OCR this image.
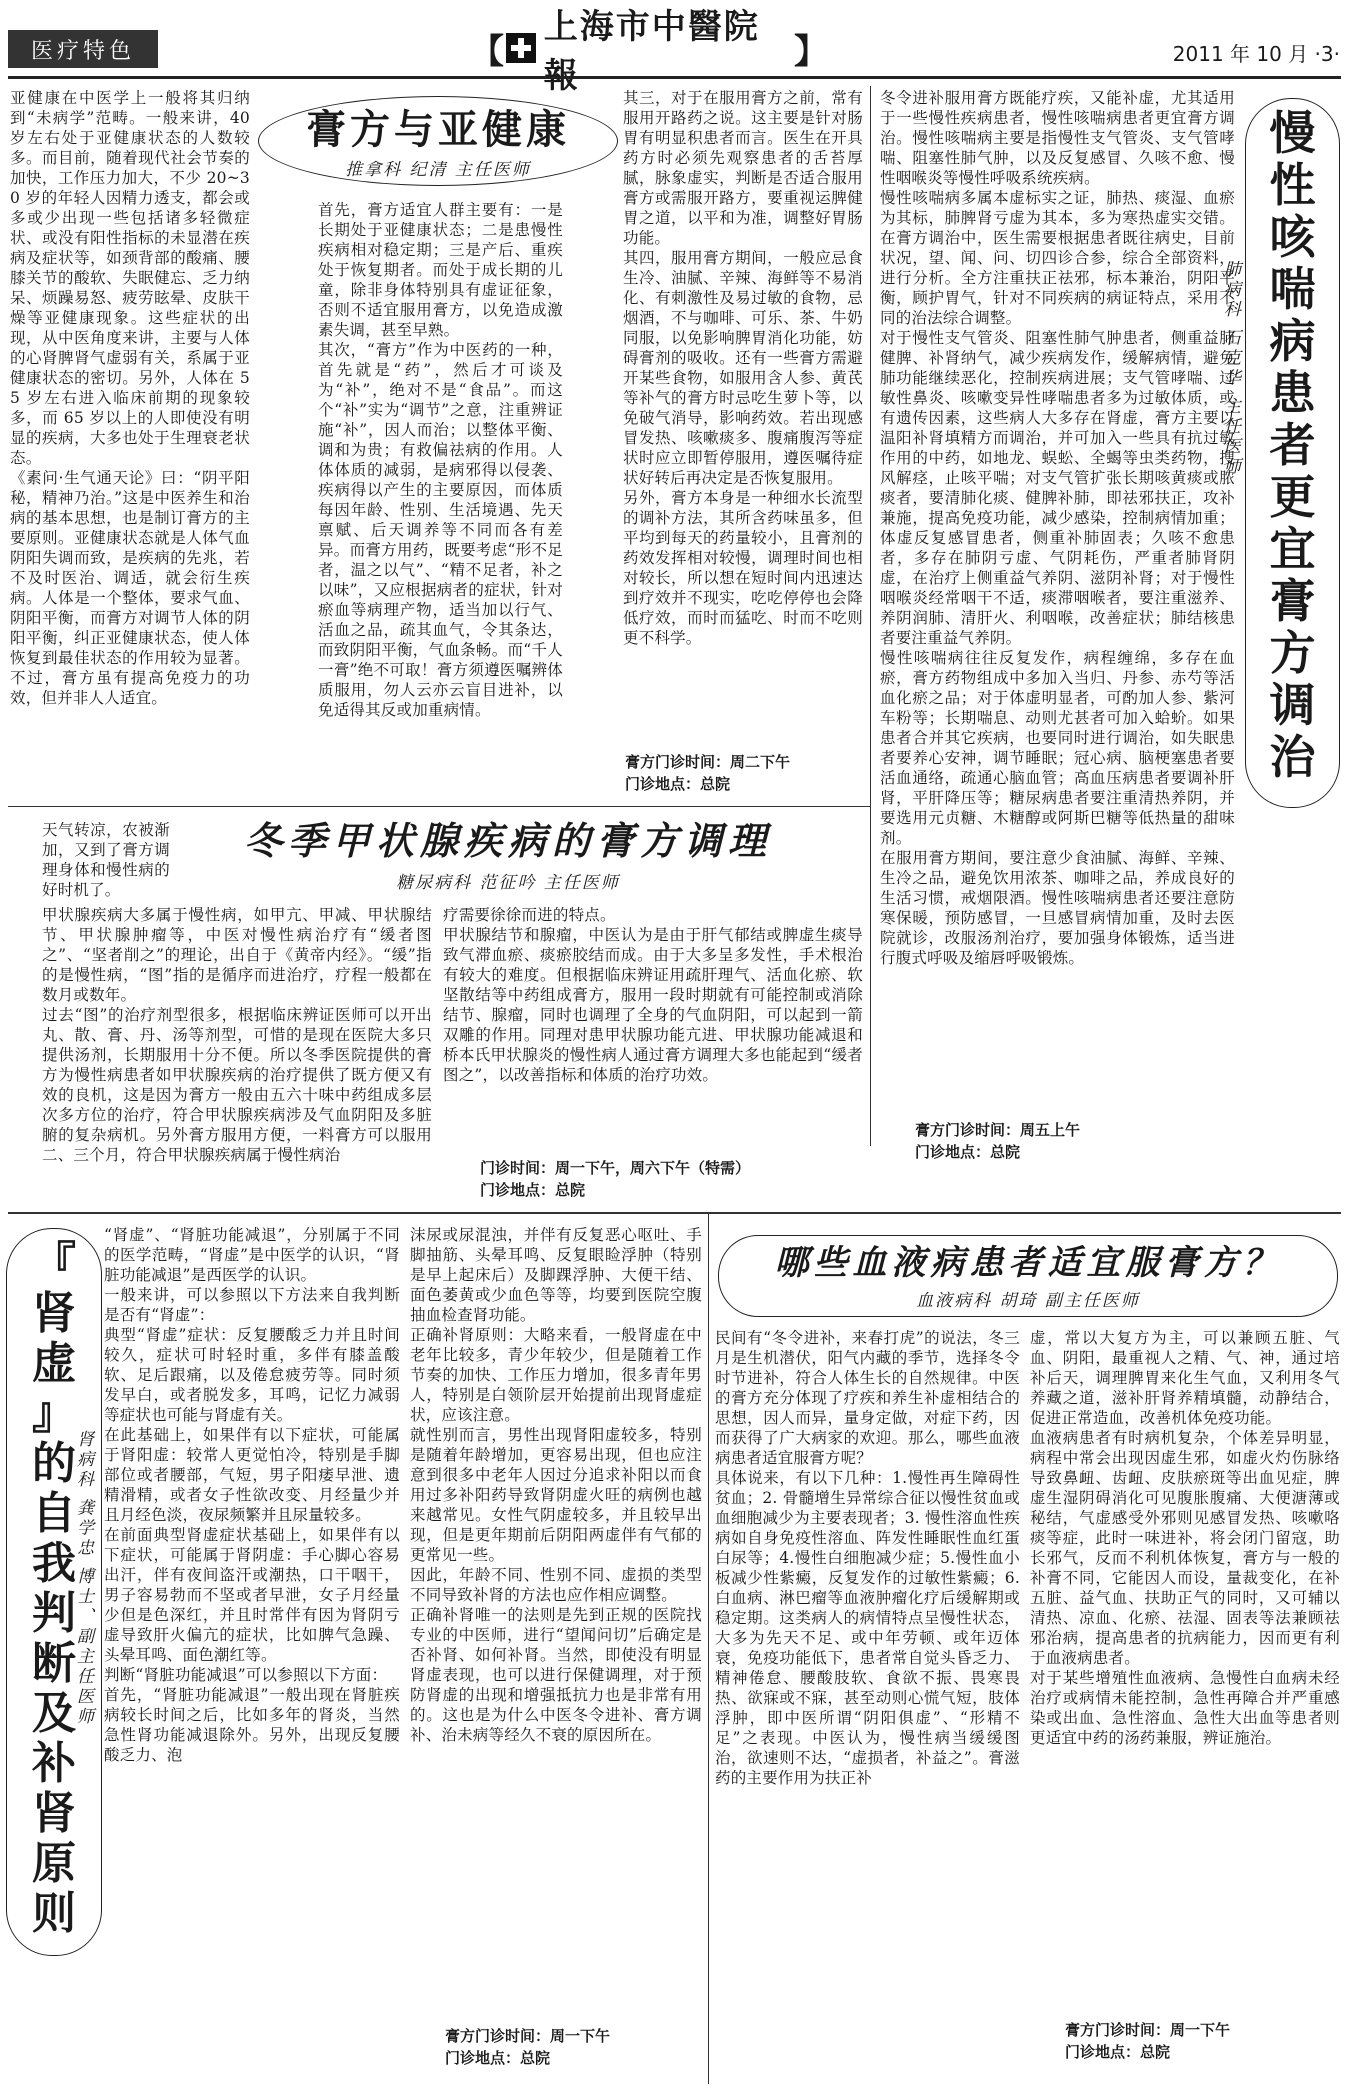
医疗特色	【
上海市中醫院報
】	2011 年 10 月 ·3·
膏方与亚健康
推拿科 纪清 主任医师
亚健康在中医学上一般将其归纳到“未病学”范畴。一般来讲，40 岁左右处于亚健康状态的人数较多。而目前，随着现代社会节奏的加快，工作压力加大，不少 20~30 岁的年轻人因精力透支，都会或多或少出现一些包括诸多轻微症状、或没有阳性指标的未显潜在疾病及症状等，如颈背部的酸痛、腰膝关节的酸软、失眠健忘、乏力纳呆、烦躁易怒、疲劳眩晕、皮肤干燥等亚健康现象。这些症状的出现，从中医角度来讲，主要与人体的心肾脾肾气虚弱有关，系属于亚健康状态的密切。另外，人体在 55 岁左右进入临床前期的现象较多，而 65 岁以上的人即使没有明显的疾病，大多也处于生理衰老状态。
《素问·生气通天论》曰：“阴平阳秘，精神乃治。”这是中医养生和治病的基本思想，也是制订膏方的主要原则。亚健康状态就是人体气血阴阳失调而致，是疾病的先兆，若不及时医治、调适，就会衍生疾病。人体是一个整体，要求气血、阴阳平衡，而膏方对调节人体的阴阳平衡，纠正亚健康状态，使人体恢复到最佳状态的作用较为显著。不过，膏方虽有提高免疫力的功效，但并非人人适宜。
首先，膏方适宜人群主要有：一是长期处于亚健康状态；二是患慢性疾病相对稳定期；三是产后、重疾处于恢复期者。而处于成长期的儿童，除非身体特别具有虚证征象，否则不适宜服用膏方，以免造成激素失调，甚至早熟。
其次，“膏方”作为中医药的一种，首先就是“药”，然后才可谈及为“补”，绝对不是“食品”。而这个“补”实为“调节”之意，注重辨证施“补”，因人而治；以整体平衡、调和为贵；有救偏祛病的作用。人体体质的减弱，是病邪得以侵袭、疾病得以产生的主要原因，而体质每因年龄、性别、生活境遇、先天禀赋、后天调养等不同而各有差异。而膏方用药，既要考虑“形不足者，温之以气”、“精不足者，补之以味”，又应根据病者的症状，针对瘀血等病理产物，适当加以行气、活血之品，疏其血气，令其条达，而致阴阳平衡，气血条畅。而“千人一膏”绝不可取！膏方须遵医嘱辨体质服用，勿人云亦云盲目进补，以免适得其反或加重病情。
其三，对于在服用膏方之前，常有服用开路药之说。这主要是针对肠胃有明显积患者而言。医生在开具药方时必须先观察患者的舌苔厚腻，脉象虚实，判断是否适合服用膏方或需服开路方，要重视运脾健胃之道，以平和为准，调整好胃肠功能。
其四，服用膏方期间，一般应忌食生冷、油腻、辛辣、海鲜等不易消化、有刺激性及易过敏的食物，忌烟酒，不与咖啡、可乐、茶、牛奶同服，以免影响脾胃消化功能，妨碍膏剂的吸收。还有一些膏方需避开某些食物，如服用含人参、黄芪等补气的膏方时忌吃生萝卜等，以免破气消导，影响药效。若出现感冒发热、咳嗽痰多、腹痛腹泻等症状时应立即暂停服用，遵医嘱待症状好转后再决定是否恢复服用。
另外，膏方本身是一种细水长流型的调补方法，其所含药味虽多，但平均到每天的药量较小，且膏剂的药效发挥相对较慢，调理时间也相对较长，所以想在短时间内迅速达到疗效并不现实，吃吃停停也会降低疗效，而时而猛吃、时而不吃则更不科学。
膏方门诊时间：周二下午
门诊地点：总院
冬令进补服用膏方既能疗疾，又能补虚，尤其适用于一些慢性疾病患者，慢性咳喘病患者更宜膏方调治。慢性咳喘病主要是指慢性支气管炎、支气管哮喘、阻塞性肺气肿，以及反复感冒、久咳不愈、慢性咽喉炎等慢性呼吸系统疾病。
慢性咳喘病多属本虚标实之证，肺热、痰湿、血瘀为其标，肺脾肾亏虚为其本，多为寒热虚实交错。在膏方调治中，医生需要根据患者既往病史，目前状况，望、闻、问、切四诊合参，综合全部资料，进行分析。全方注重扶正祛邪，标本兼治，阴阳平衡，顾护胃气，针对不同疾病的病证特点，采用不同的治法综合调整。
对于慢性支气管炎、阻塞性肺气肿患者，侧重益肺健脾、补肾纳气，减少疾病发作，缓解病情，避免肺功能继续恶化，控制疾病进展；支气管哮喘、过敏性鼻炎、咳嗽变异性哮喘患者多为过敏体质，或有遗传因素，这些病人大多存在肾虚，膏方主要以温阳补肾填精方而调治，并可加入一些具有抗过敏作用的中药，如地龙、蜈蚣、全蝎等虫类药物，搜风解痉，止咳平喘；对支气管扩张长期咳黄痰或脓痰者，要清肺化痰、健脾补肺，即祛邪扶正，攻补兼施，提高免疫功能，减少感染，控制病情加重；体虚反复感冒患者，侧重补肺固表；久咳不愈患者，多存在肺阴亏虚、气阴耗伤，严重者肺肾阴虚，在治疗上侧重益气养阴、滋阴补肾；对于慢性咽喉炎经常咽干不适，痰滞咽喉者，要注重滋养、养阴润肺、清肝火、利咽喉，改善症状；肺结核患者要注重益气养阴。
慢性咳喘病往往反复发作，病程缠绵，多存在血瘀，膏方药物组成中多加入当归、丹参、赤芍等活血化瘀之品；对于体虚明显者，可酌加人参、紫河车粉等；长期喘息、动则尤甚者可加入蛤蚧。如果患者合并其它疾病，也要同时进行调治，如失眠患者要养心安神，调节睡眠；冠心病、脑梗塞患者要活血通络，疏通心脑血管；高血压病患者要调补肝肾，平肝降压等；糖尿病患者要注重清热养阴，并要选用元贞糖、木糖醇或阿斯巴糖等低热量的甜味剂。
在服用膏方期间，要注意少食油腻、海鲜、辛辣、生冷之品，避免饮用浓茶、咖啡之品，养成良好的生活习惯，戒烟限酒。慢性咳喘病患者还要注意防寒保暖，预防感冒，一旦感冒病情加重，及时去医院就诊，改服汤剂治疗，要加强身体锻炼，适当进行腹式呼吸及缩唇呼吸锻炼。
慢
性
咳
喘
病
患
者
更
宜
膏
方
调
治
肺病科 石克华 主任医师
膏方门诊时间：周五上午
门诊地点：总院
天气转凉，农被渐加，又到了膏方调理身体和慢性病的好时机了。
冬季甲状腺疾病的膏方调理
糖尿病科 范征吟 主任医师
甲状腺疾病大多属于慢性病，如甲亢、甲减、甲状腺结节、甲状腺肿瘤等，中医对慢性病治疗有“缓者图之”、“坚者削之”的理论，出自于《黄帝内经》。“缓”指的是慢性病，“图”指的是循序而进治疗，疗程一般都在数月或数年。
过去“图”的治疗剂型很多，根据临床辨证医师可以开出丸、散、膏、丹、汤等剂型，可惜的是现在医院大多只提供汤剂，长期服用十分不便。所以冬季医院提供的膏方为慢性病患者如甲状腺疾病的治疗提供了既方便又有效的良机，这是因为膏方一般由五六十味中药组成多层次多方位的治疗，符合甲状腺疾病涉及气血阴阳及多脏腑的复杂病机。另外膏方服用方便，一料膏方可以服用二、三个月，符合甲状腺疾病属于慢性病治
疗需要徐徐而进的特点。
甲状腺结节和腺瘤，中医认为是由于肝气郁结或脾虚生痰导致气滞血瘀、痰瘀胶结而成。由于大多呈多发性，手术根治有较大的难度。但根据临床辨证用疏肝理气、活血化瘀、软坚散结等中药组成膏方，服用一段时期就有可能控制或消除结节、腺瘤，同时也调理了全身的气血阴阳，可以起到一箭双雕的作用。同理对患甲状腺功能亢进、甲状腺功能减退和桥本氏甲状腺炎的慢性病人通过膏方调理大多也能起到“缓者图之”，以改善指标和体质的治疗功效。
门诊时间：周一下午，周六下午（特需）
门诊地点：总院
『
肾
虚
』
的
自
我
判
断
及
补
肾
原
则
肾病科 龚学忠 博士、副主任医师
“肾虚”、“肾脏功能减退”，分别属于不同的医学范畴，“肾虚”是中医学的认识，“肾脏功能减退”是西医学的认识。
一般来讲，可以参照以下方法来自我判断是否有“肾虚”：
典型“肾虚”症状：反复腰酸乏力并且时间较久，症状可时轻时重，多伴有膝盖酸软、足后跟痛，以及倦怠疲劳等。同时须发早白，或者脱发多，耳鸣，记忆力减弱等症状也可能与肾虚有关。
在此基础上，如果伴有以下症状，可能属于肾阳虚：较常人更觉怕冷，特别是手脚部位或者腰部，气短，男子阳痿早泄、遗精滑精，或者女子性欲改变、月经量少并且月经色淡，夜尿频繁并且尿量较多。
在前面典型肾虚症状基础上，如果伴有以下症状，可能属于肾阴虚：手心脚心容易出汗，伴有夜间盗汗或潮热，口干咽干，男子容易勃而不坚或者早泄，女子月经量少但是色深红，并且时常伴有因为肾阴亏虚导致肝火偏亢的症状，比如脾气急躁、头晕耳鸣、面色潮红等。
判断“肾脏功能减退”可以参照以下方面：
首先，“肾脏功能减退”一般出现在肾脏疾病较长时间之后，比如多年的肾炎，当然急性肾功能减退除外。另外，出现反复腰酸乏力、泡
沫尿或尿混浊，并伴有反复恶心呕吐、手脚抽筋、头晕耳鸣、反复眼睑浮肿（特别是早上起床后）及脚踝浮肿、大便干结、面色萎黄或少血色等等，均要到医院空腹抽血检查肾功能。
正确补肾原则：大略来看，一般肾虚在中老年比较多，青少年较少，但是随着工作节奏的加快、工作压力增加，很多青年男人，特别是白领阶层开始提前出现肾虚症状，应该注意。
就性别而言，男性出现肾阳虚较多，特别是随着年龄增加，更容易出现，但也应注意到很多中老年人因过分追求补阳以而食用过多补阳药导致肾阴虚火旺的病例也越来越常见。女性气阴虚较多，并且较早出现，但是更年期前后阴阳两虚伴有气郁的更常见一些。
因此，年龄不同、性别不同、虚损的类型不同导致补肾的方法也应作相应调整。
正确补肾唯一的法则是先到正规的医院找专业的中医师，进行“望闻问切”后确定是否补肾、如何补肾。当然，即使没有明显肾虚表现，也可以进行保健调理，对于预防肾虚的出现和增强抵抗力也是非常有用的。这也是为什么中医冬令进补、膏方调补、治未病等经久不衰的原因所在。
膏方门诊时间：周一下午
门诊地点：总院
哪些血液病患者适宜服膏方？
血液病科 胡琦 副主任医师
民间有“冬令进补，来春打虎”的说法，冬三月是生机潜伏，阳气内藏的季节，选择冬令时节进补，符合人体生长的自然规律。中医的膏方充分体现了疗疾和养生补虚相结合的思想，因人而异，量身定做，对症下药，因而获得了广大病家的欢迎。那么，哪些血液病患者适宜服膏方呢？
具体说来，有以下几种：1.慢性再生障碍性贫血；2. 骨髓增生异常综合征以慢性贫血或血细胞减少为主要表现者；3. 慢性溶血性疾病如自身免疫性溶血、阵发性睡眠性血红蛋白尿等；4.慢性白细胞减少症；5.慢性血小板减少性紫癜，反复发作的过敏性紫癜；6.白血病、淋巴瘤等血液肿瘤化疗后缓解期或稳定期。这类病人的病情特点呈慢性状态，大多为先天不足、或中年劳顿、或年迈体衰，免疫功能低下，患者常自觉头昏乏力、精神倦怠、腰酸肢软、食欲不振、畏寒畏热、欲寐或不寐，甚至动则心慌气短，肢体浮肿，即中医所谓“阴阳俱虚”、“形精不足”之表现。中医认为，慢性病当缓缓图治，欲速则不达，“虚损者，补益之”。膏滋药的主要作用为扶正补
虚，常以大复方为主，可以兼顾五脏、气血、阴阳，最重视人之精、气、神，通过培补后天，调理脾胃来化生气血，又利用冬气养藏之道，滋补肝肾养精填髓，动静结合，促进正常造血，改善机体免疫功能。
血液病患者有时病机复杂，个体差异明显，病程中常会出现因虚生邪，如虚火灼伤脉络导致鼻衄、齿衄、皮肤瘀斑等出血见症，脾虚生湿阴碍消化可见腹胀腹痛、大便溏薄或秘结，气虚感受外邪则见感冒发热、咳嗽咯痰等症，此时一味进补，将会闭门留寇，助长邪气，反而不利机体恢复，膏方与一般的补膏不同，它能因人而设，量裁变化，在补五脏、益气血、扶助正气的同时，又可辅以清热、凉血、化瘀、祛湿、固表等法兼顾祛邪治病，提高患者的抗病能力，因而更有利于血液病患者。
对于某些增殖性血液病、急慢性白血病未经治疗或病情未能控制，急性再障合并严重感染或出血、急性溶血、急性大出血等患者则更适宜中药的汤药兼服，辨证施治。
膏方门诊时间：周一下午
门诊地点：总院
